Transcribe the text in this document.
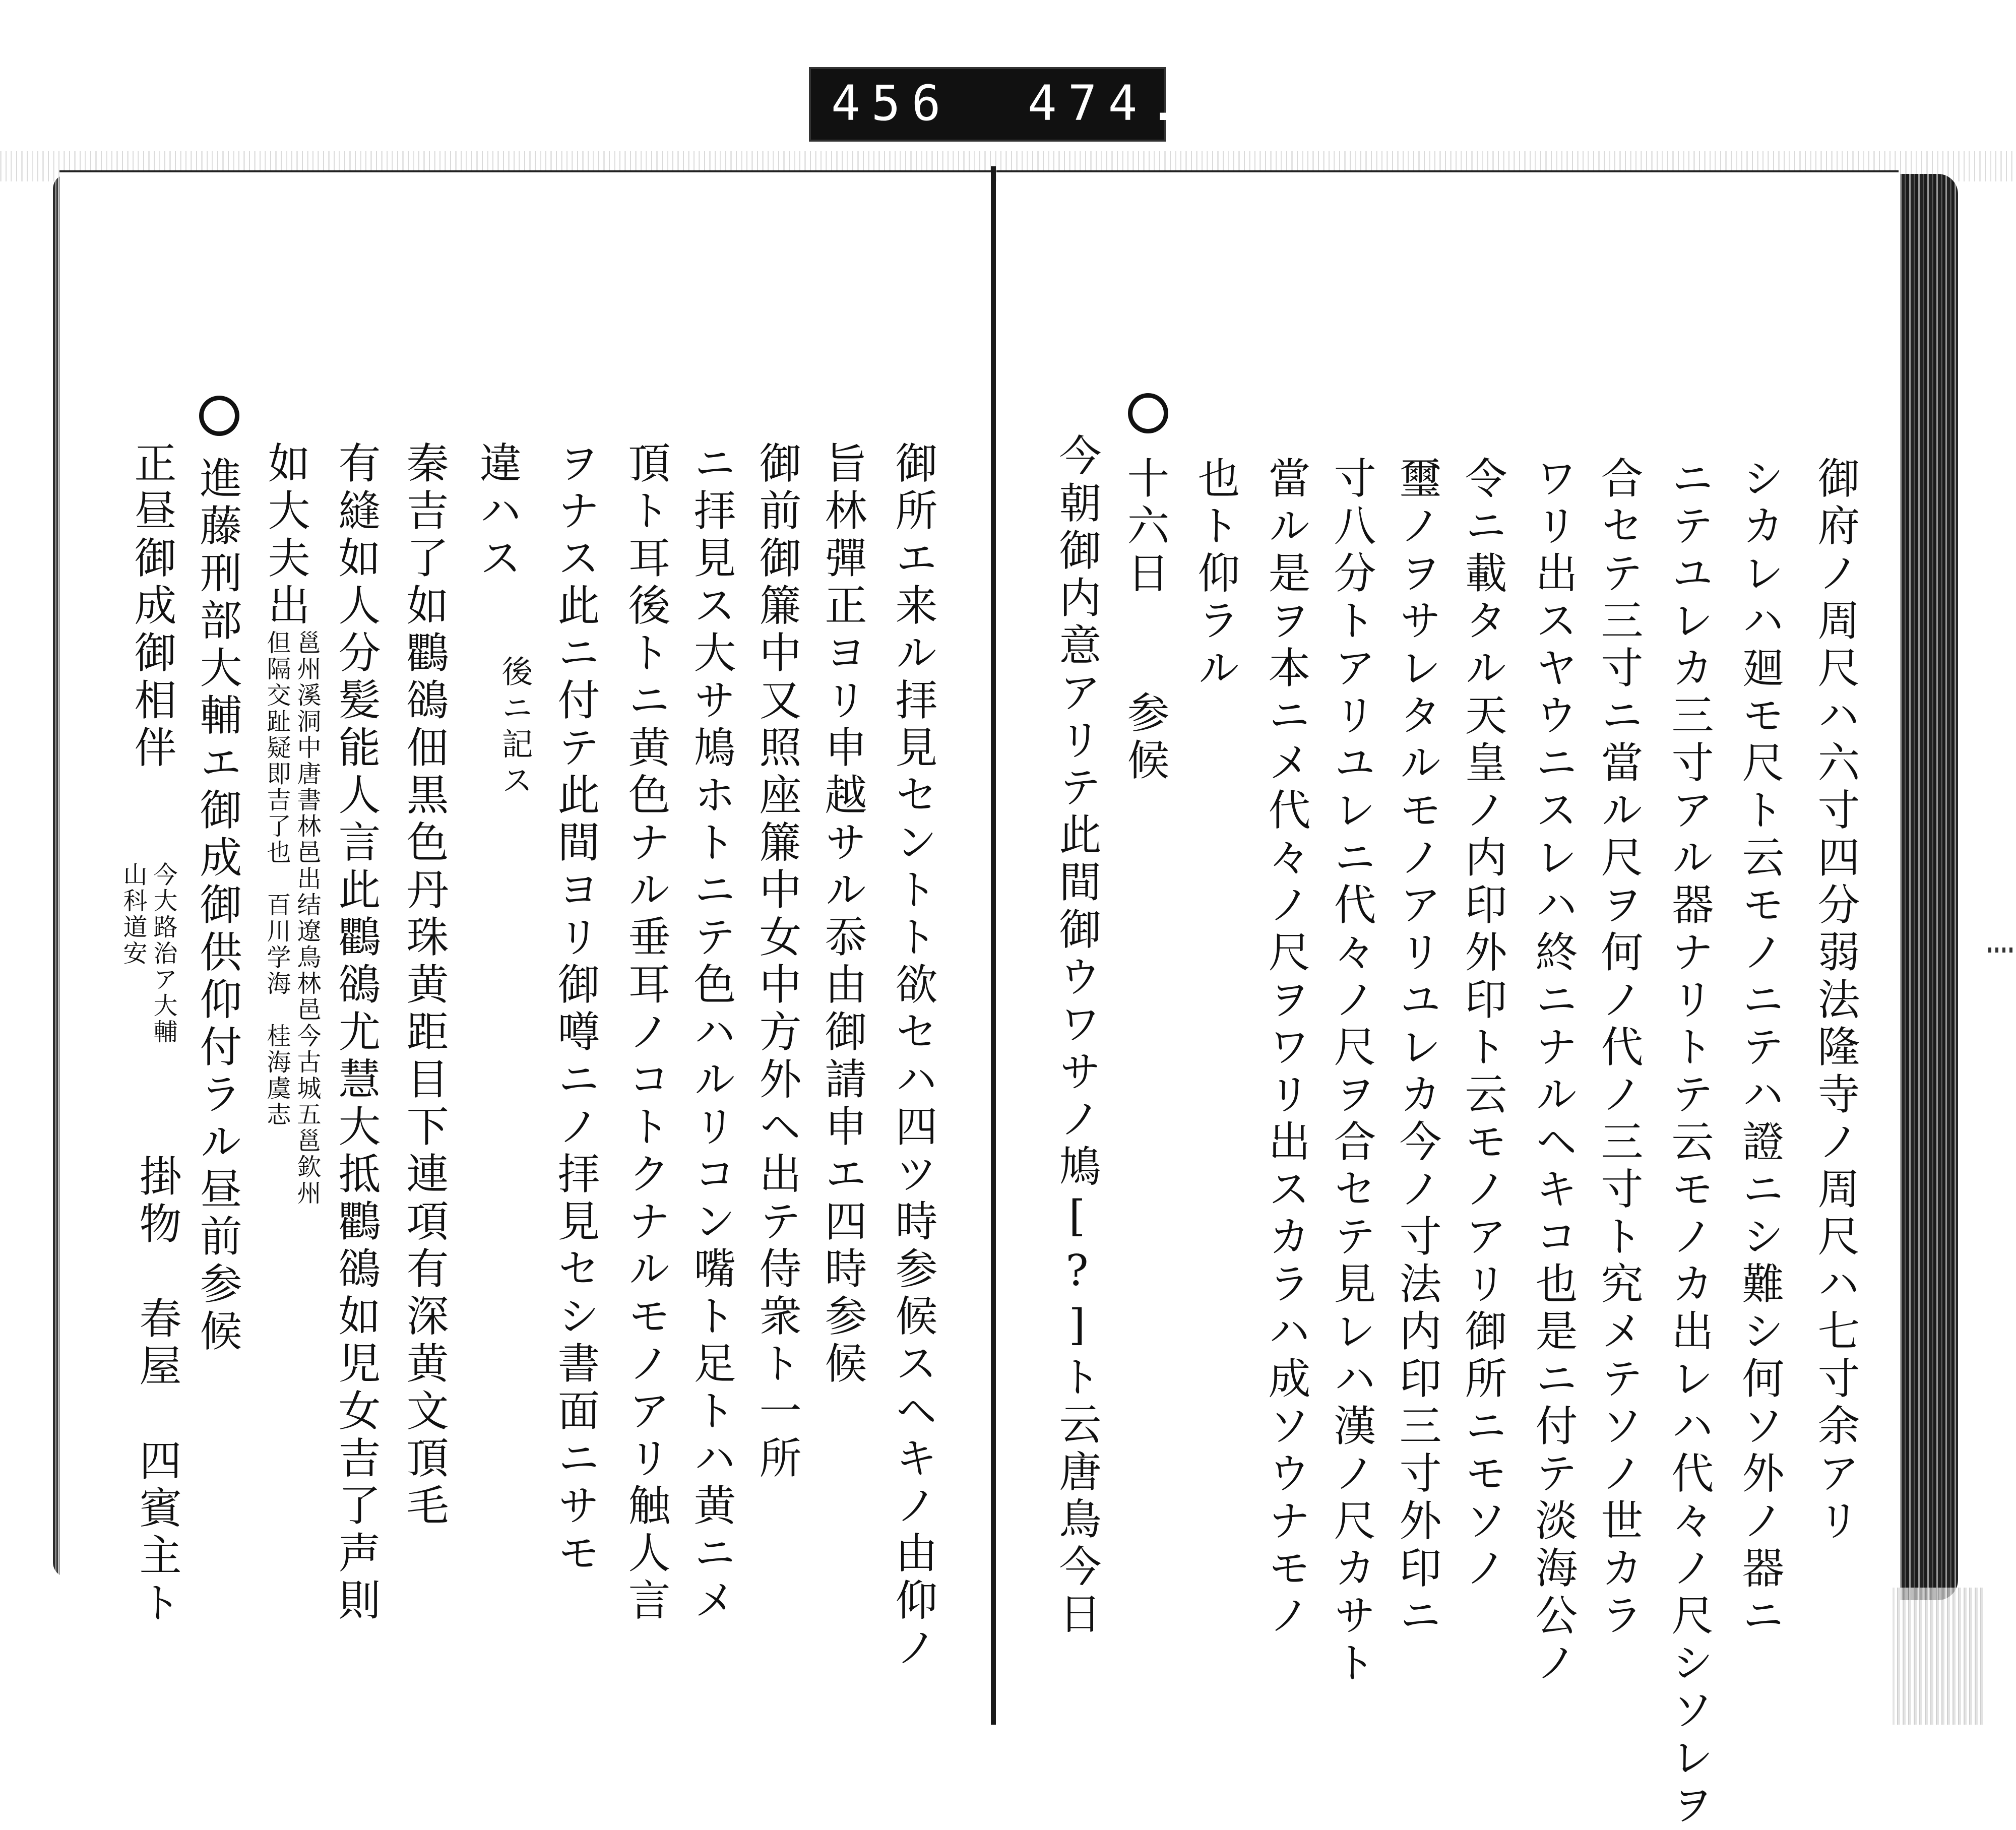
456 474.
御府ノ周尺ハ六寸四分弱法隆寺ノ周尺ハ七寸余アリ
シカレハ廻モ尺ト云モノニテハ證ニシ難シ何ソ外ノ器ニ
ニテユレカ三寸アル器ナリトテ云モノカ出レハ代々ノ尺シソレヲ
合セテ三寸ニ當ル尺ヲ何ノ代ノ三寸ト究メテソノ世カラ
ワリ出スヤウニスレハ終ニナルヘキコ也是ニ付テ淡海公ノ
令ニ載タル天皇ノ内印外印ト云モノアリ御所ニモソノ
璽ノヲサレタルモノアリユレカ今ノ寸法内印三寸外印ニ
寸八分トアリユレニ代々ノ尺ヲ合セテ見レハ漢ノ尺カサト
當ル是ヲ本ニメ代々ノ尺ヲワリ出スカラハ成ソウナモノ
也ト仰ラル
十六日
参候
今朝御内意アリテ此間御ウワサノ鳩[?]ト云唐鳥今日
御所エ来ル拝見セントト欲セハ四ツ時参候スヘキノ由仰ノ
旨林彈正ヨリ申越サル忝由御請申エ四時参候
御前御簾中又照座簾中女中方外ヘ出テ侍衆ト一所
ニ拝見ス大サ鳩ホトニテ色ハルリコン嘴ト足トハ黄ニメ
頂ト耳後トニ黄色ナル垂耳ノコトクナルモノアリ触人言
ヲナス此ニ付テ此間ヨリ御噂ニノ拝見セシ書面ニサモ
後ニ記ス
違ハス
秦吉了如鸜鵒佃黒色丹珠黄距目下連項有深黄文頂毛
有縫如人分髪能人言此鸜鵒尤慧大抵鸜鵒如児女吉了声則
如大夫出
邕州溪洞中唐書林邑出结遼鳥林邑今古城五邕欽州
但隔交趾疑即吉了也　百川学海　桂海虞志
進藤刑部大輔エ御成御供仰付ラル昼前参候
正昼御成御相伴
今大路治ア大輔
山科道安
掛物　春屋　四賓主ト
